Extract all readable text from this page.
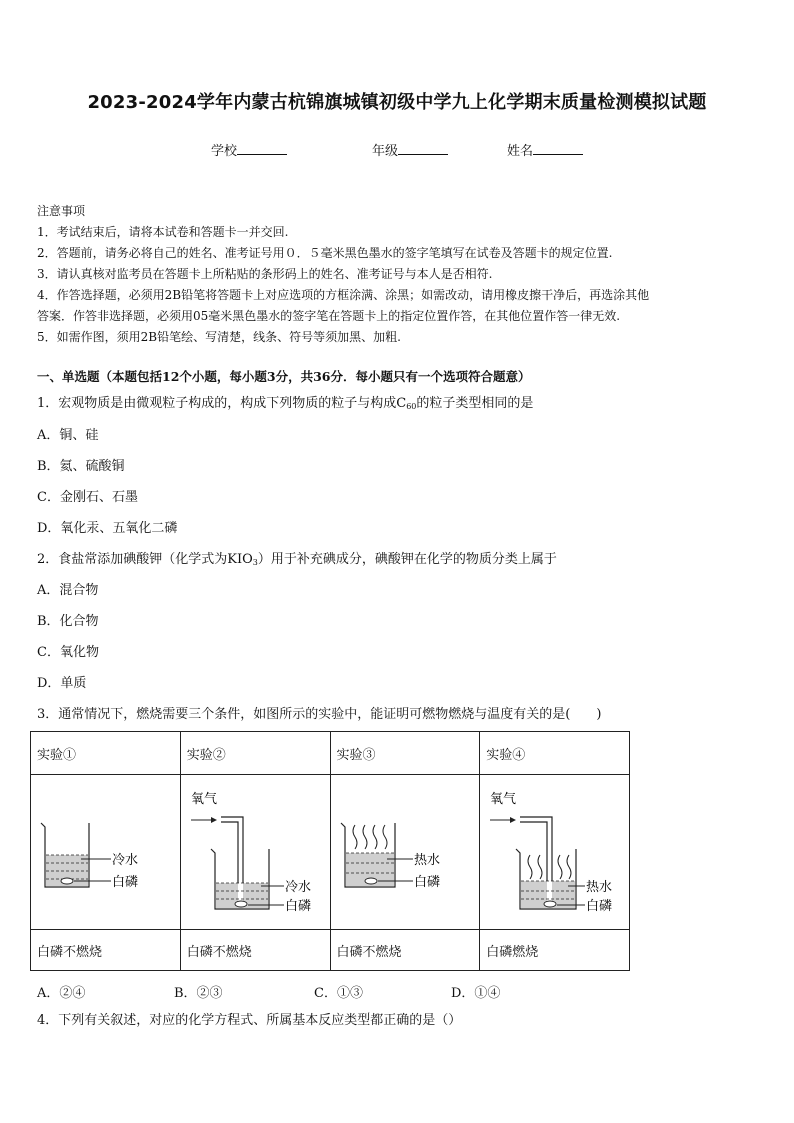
2023-2024学年内蒙古杭锦旗城镇初级中学九上化学期末质量检测模拟试题
学校	年级	姓名
注意事项
1．考试结束后，请将本试卷和答题卡一并交回.
2．答题前，请务必将自己的姓名、准考证号用０．５毫米黑色墨水的签字笔填写在试卷及答题卡的规定位置.
3．请认真核对监考员在答题卡上所粘贴的条形码上的姓名、准考证号与本人是否相符.
4．作答选择题，必须用2B铅笔将答题卡上对应选项的方框涂满、涂黑；如需改动，请用橡皮擦干净后，再选涂其他
答案．作答非选择题，必须用05毫米黑色墨水的签字笔在答题卡上的指定位置作答，在其他位置作答一律无效.
5．如需作图，须用2B铅笔绘、写清楚，线条、符号等须加黑、加粗.
一、单选题（本题包括12个小题，每小题3分，共36分．每小题只有一个选项符合题意）
1．宏观物质是由微观粒子构成的，构成下列物质的粒子与构成$C_{60}$的粒子类型相同的是
A．铜、硅
B．氦、硫酸铜
C．金刚石、石墨
D．氧化汞、五氧化二磷
2．食盐常添加碘酸钾（化学式为$KIO_3$）用于补充碘成分，碘酸钾在化学的物质分类上属于
A．混合物
B．化合物
C．氧化物
D．单质
3．通常情况下，燃烧需要三个条件，如图所示的实验中，能证明可燃物燃烧与温度有关的是(　　)
实验①	实验②	实验③	实验④

冷水
白磷	氧气
冷水
白磷	热水
白磷	氧气
热水
白磷

白磷不燃烧	白磷不燃烧	白磷不燃烧	白磷燃烧
A．②④	B．②③	C．①③	D．①④
4．下列有关叙述，对应的化学方程式、所属基本反应类型都正确的是（）
